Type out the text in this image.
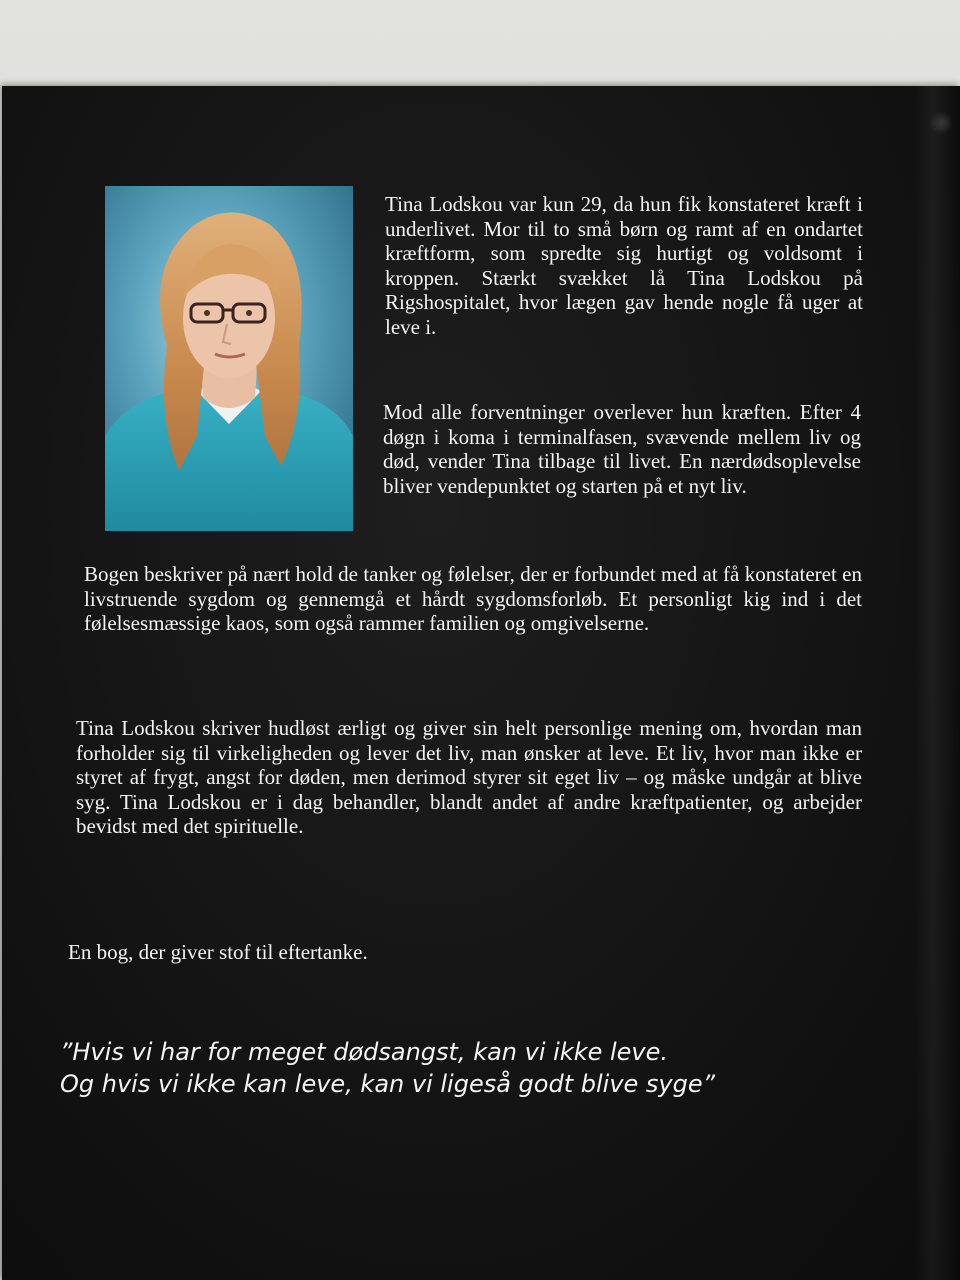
Tina Lodskou var kun 29, da hun fik konstateret kræft i underlivet. Mor til to små børn og ramt af en ondartet kræftform, som spredte sig hurtigt og voldsomt i kroppen. Stærkt svækket lå Tina Lodskou på Rigshospitalet, hvor lægen gav hende nogle få uger at leve i.

Mod alle forventninger overlever hun kræften. Efter 4 døgn i koma i terminalfasen, svævende mellem liv og død, vender Tina tilbage til livet. En nærdødsoplevelse bliver vendepunktet og starten på et nyt liv.

Bogen beskriver på nært hold de tanker og følelser, der er forbundet med at få konstateret en livstruende sygdom og gennemgå et hårdt sygdomsforløb. Et personligt kig ind i det følelsesmæssige kaos, som også rammer familien og omgivelserne.

Tina Lodskou skriver hudløst ærligt og giver sin helt personlige mening om, hvordan man forholder sig til virkeligheden og lever det liv, man ønsker at leve. Et liv, hvor man ikke er styret af frygt, angst for døden, men derimod styrer sit eget liv – og måske undgår at blive syg. Tina Lodskou er i dag behandler, blandt andet af andre kræftpatienter, og arbejder bevidst med det spirituelle.

En bog, der giver stof til eftertanke.

”Hvis vi har for meget dødsangst, kan vi ikke leve.
Og hvis vi ikke kan leve, kan vi ligeså godt blive syge”
